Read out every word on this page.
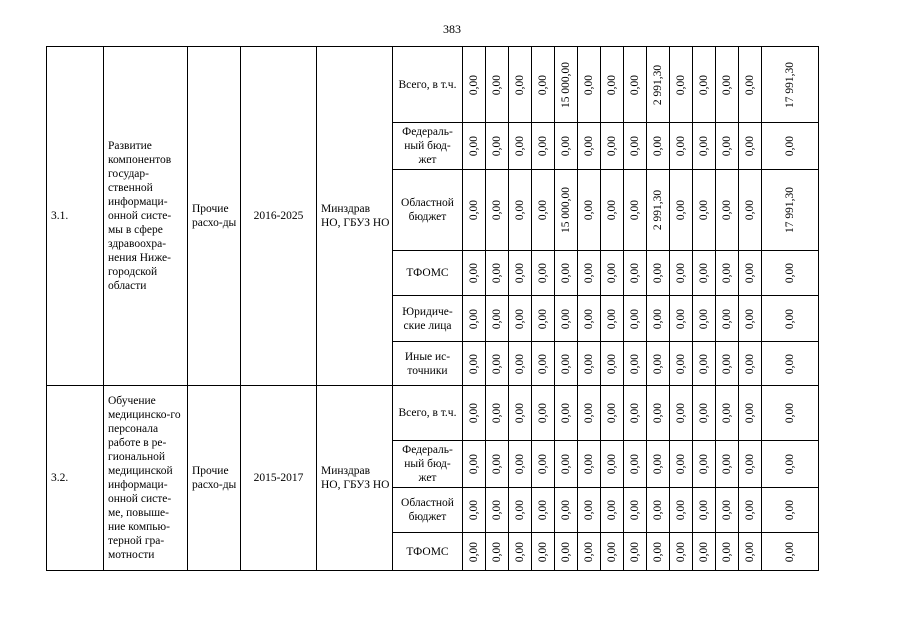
383
3.1.	Развитие компонентов государ-ственной информаци-онной систе-мы в сфере здравоохра-нения Ниже-городской области	Прочие расхо-ды	2016-2025	Минздрав НО, ГБУЗ НО	Всего, в т.ч.	0,00	0,00	0,00	0,00	15 000,00	0,00	0,00	0,00	2 991,30	0,00	0,00	0,00	0,00	17 991,30

					Федераль-ный бюд-жет	0,00	0,00	0,00	0,00	0,00	0,00	0,00	0,00	0,00	0,00	0,00	0,00	0,00	0,00

					Областной бюджет	0,00	0,00	0,00	0,00	15 000,00	0,00	0,00	0,00	2 991,30	0,00	0,00	0,00	0,00	17 991,30

					ТФОМС	0,00	0,00	0,00	0,00	0,00	0,00	0,00	0,00	0,00	0,00	0,00	0,00	0,00	0,00

					Юридиче-ские лица	0,00	0,00	0,00	0,00	0,00	0,00	0,00	0,00	0,00	0,00	0,00	0,00	0,00	0,00

					Иные ис-точники	0,00	0,00	0,00	0,00	0,00	0,00	0,00	0,00	0,00	0,00	0,00	0,00	0,00	0,00

3.2.	Обучение медицинско-го персонала работе в ре-гиональной медицинской информаци-онной систе-ме, повыше-ние компью-терной гра-мотности	Прочие расхо-ды	2015-2017	Минздрав НО, ГБУЗ НО	Всего, в т.ч.	0,00	0,00	0,00	0,00	0,00	0,00	0,00	0,00	0,00	0,00	0,00	0,00	0,00	0,00

					Федераль-ный бюд-жет	0,00	0,00	0,00	0,00	0,00	0,00	0,00	0,00	0,00	0,00	0,00	0,00	0,00	0,00

					Областной бюджет	0,00	0,00	0,00	0,00	0,00	0,00	0,00	0,00	0,00	0,00	0,00	0,00	0,00	0,00

					ТФОМС	0,00	0,00	0,00	0,00	0,00	0,00	0,00	0,00	0,00	0,00	0,00	0,00	0,00	0,00
